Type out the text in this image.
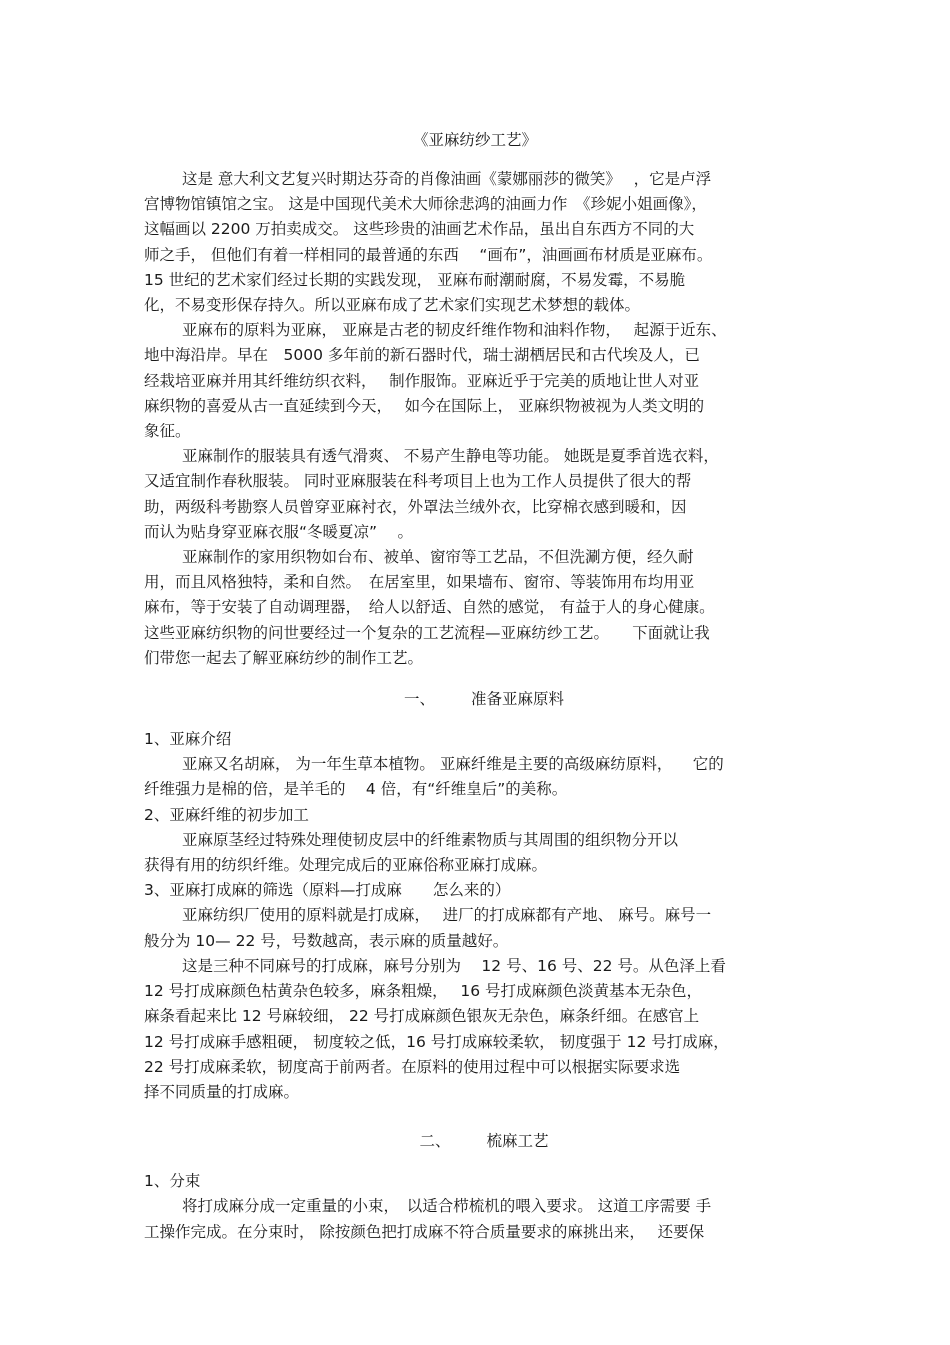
《亚麻纺纱工艺》

这是 意大利文艺复兴时期达芬奇的肖像油画《蒙娜丽莎的微笑》　 ，它是卢浮

宫博物馆镇馆之宝。 这是中国现代美术大师徐悲鸿的油画力作　《珍妮小姐画像》，

这幅画以 2200 万拍卖成交。 这些珍贵的油画艺术作品，虽出自东西方不同的大

师之手， 但他们有着一样相同的最普通的东西　 “画布”，油画画布材质是亚麻布。

15 世纪的艺术家们经过长期的实践发现， 亚麻布耐潮耐腐，不易发霉，不易脆

化，不易变形保存持久。所以亚麻布成了艺术家们实现艺术梦想的载体。

亚麻布的原料为亚麻， 亚麻是古老的韧皮纤维作物和油料作物，　 起源于近东、

地中海沿岸。早在　5000 多年前的新石器时代，瑞士湖栖居民和古代埃及人，已

经栽培亚麻并用其纤维纺织衣料，　 制作服饰。亚麻近乎于完美的质地让世人对亚

麻织物的喜爱从古一直延续到今天，　 如今在国际上， 亚麻织物被视为人类文明的

象征。

亚麻制作的服装具有透气滑爽、 不易产生静电等功能。 她既是夏季首选衣料，

又适宜制作春秋服装。 同时亚麻服装在科考项目上也为工作人员提供了很大的帮

助，两级科考勘察人员曾穿亚麻衬衣，外罩法兰绒外衣，比穿棉衣感到暖和，因

而认为贴身穿亚麻衣服“冬暖夏凉” 　。

亚麻制作的家用织物如台布、被单、窗帘等工艺品，不但洗涮方便，经久耐

用，而且风格独特，柔和自然。　在居室里，如果墙布、窗帘、等装饰用布均用亚

麻布，等于安装了自动调理器，　给人以舒适、自然的感觉， 有益于人的身心健康。

这些亚麻纺织物的问世要经过一个复杂的工艺流程—亚麻纺纱工艺。　　下面就让我

们带您一起去了解亚麻纺纱的制作工艺。

一、 准备亚麻原料

1、亚麻介绍

亚麻又名胡麻， 为一年生草本植物。 亚麻纤维是主要的高级麻纺原料， 　它的

纤维强力是棉的倍，是羊毛的　 4 倍，有“纤维皇后”的美称。

2、亚麻纤维的初步加工

亚麻原茎经过特殊处理使韧皮层中的纤维素物质与其周围的组织物分开以

获得有用的纺织纤维。处理完成后的亚麻俗称亚麻打成麻。

3、亚麻打成麻的筛选（原料—打成麻　　怎么来的）

亚麻纺织厂使用的原料就是打成麻，　 进厂的打成麻都有产地、 麻号。麻号一

般分为 10— 22 号，号数越高，表示麻的质量越好。

这是三种不同麻号的打成麻，麻号分别为　 12 号、16 号、22 号。从色泽上看

12 号打成麻颜色枯黄杂色较多，麻条粗燥，　 16 号打成麻颜色淡黄基本无杂色，

麻条看起来比 12 号麻较细， 22 号打成麻颜色银灰无杂色，麻条纤细。在感官上

12 号打成麻手感粗硬， 韧度较之低，16 号打成麻较柔软， 韧度强于 12 号打成麻，

22 号打成麻柔软，韧度高于前两者。在原料的使用过程中可以根据实际要求选

择不同质量的打成麻。

二、 梳麻工艺

1、分束

将打成麻分成一定重量的小束，　以适合栉梳机的喂入要求。 这道工序需要 手

工操作完成。在分束时， 除按颜色把打成麻不符合质量要求的麻挑出来，　 还要保
